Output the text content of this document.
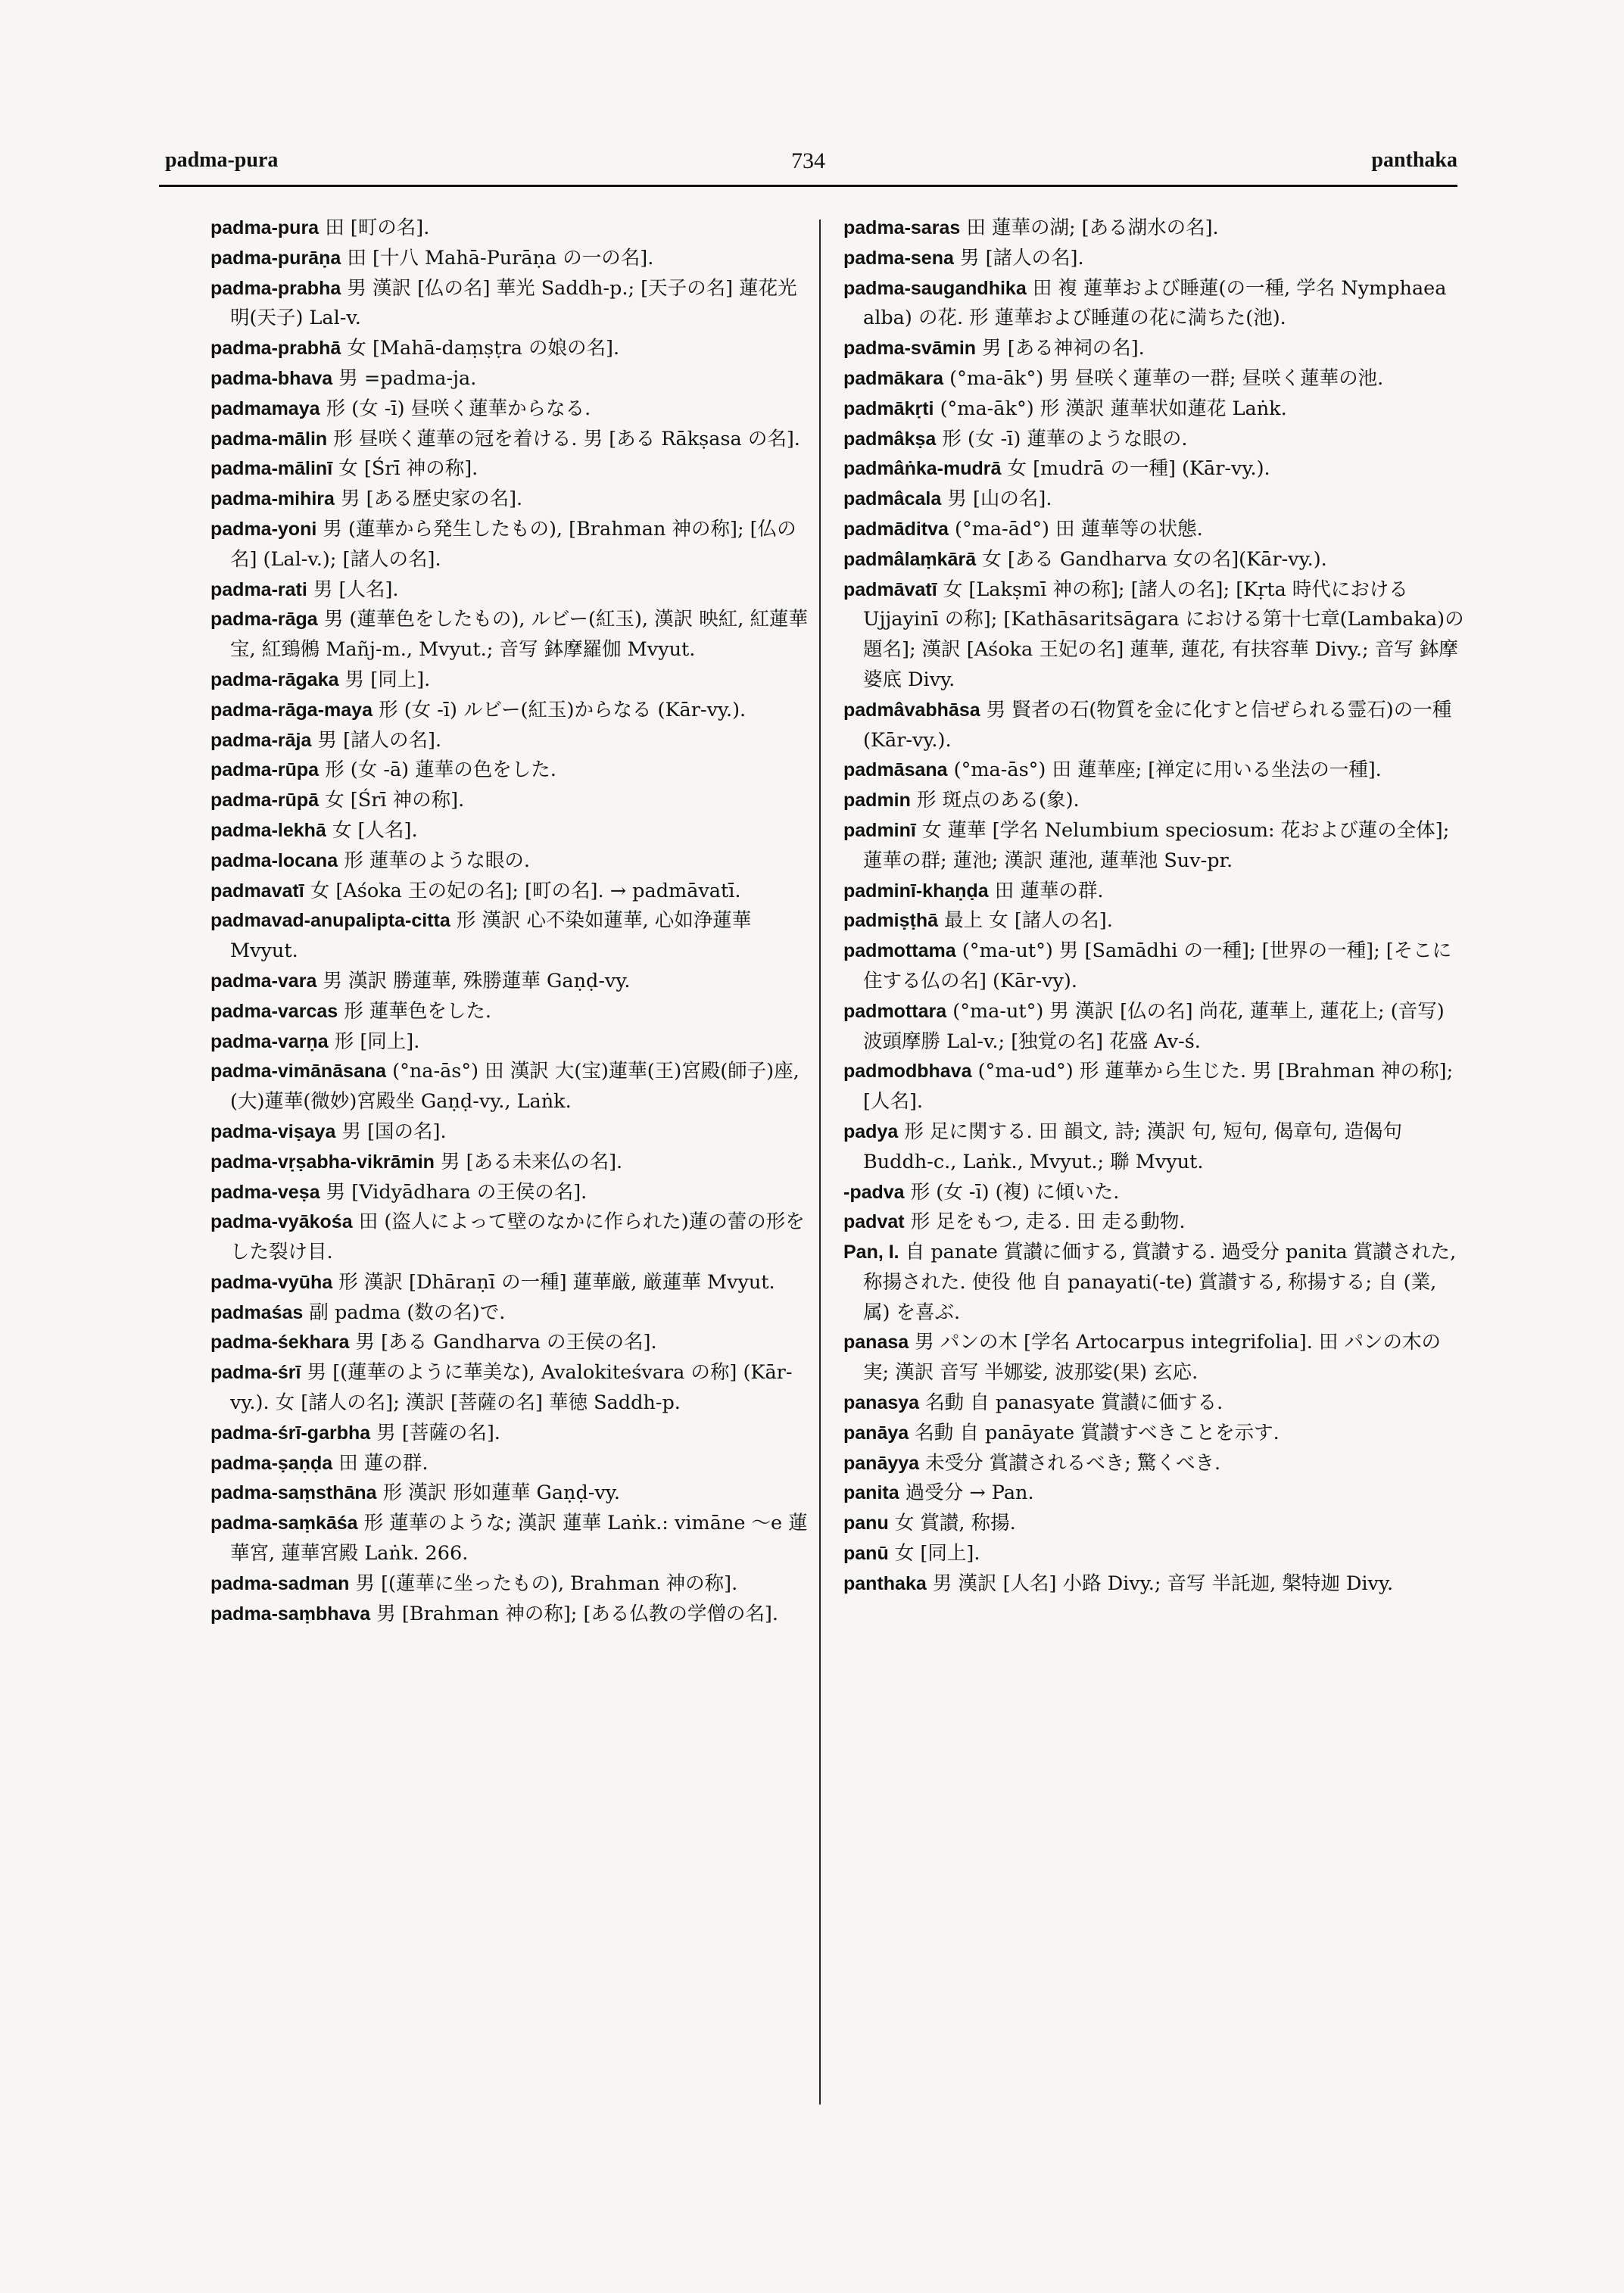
padma-pura	734	panthaka
padma-pura 田 [町の名].
padma-purāṇa 田 [十八 Mahā-Purāṇa の一の名].
padma-prabha 男 漢訳 [仏の名] 華光 Saddh-p.; [天子の名] 蓮花光明(天子) Lal-v.
padma-prabhā 女 [Mahā-daṃṣṭra の娘の名].
padma-bhava 男 =padma-ja.
padmamaya 形 (女 -ī) 昼咲く蓮華からなる.
padma-mālin 形 昼咲く蓮華の冠を着ける. 男 [ある Rākṣasa の名].
padma-mālinī 女 [Śrī 神の称].
padma-mihira 男 [ある歴史家の名].
padma-yoni 男 (蓮華から発生したもの), [Brahman 神の称]; [仏の名] (Lal-v.); [諸人の名].
padma-rati 男 [人名].
padma-rāga 男 (蓮華色をしたもの), ルビー(紅玉), 漢訳 映紅, 紅蓮華宝, 紅鵄鵂 Mañj-m., Mvyut.; 音写 鉢摩羅伽 Mvyut.
padma-rāgaka 男 [同上].
padma-rāga-maya 形 (女 -ī) ルビー(紅玉)からなる (Kār-vy.).
padma-rāja 男 [諸人の名].
padma-rūpa 形 (女 -ā) 蓮華の色をした.
padma-rūpā 女 [Śrī 神の称].
padma-lekhā 女 [人名].
padma-locana 形 蓮華のような眼の.
padmavatī 女 [Aśoka 王の妃の名]; [町の名]. → padmāvatī.
padmavad-anupalipta-citta 形 漢訳 心不染如蓮華, 心如浄蓮華 Mvyut.
padma-vara 男 漢訳 勝蓮華, 殊勝蓮華 Gaṇḍ-vy.
padma-varcas 形 蓮華色をした.
padma-varṇa 形 [同上].
padma-vimānāsana (°na-ās°) 田 漢訳 大(宝)蓮華(王)宮殿(師子)座, (大)蓮華(微妙)宮殿坐 Gaṇḍ-vy., Laṅk.
padma-viṣaya 男 [国の名].
padma-vṛṣabha-vikrāmin 男 [ある未来仏の名].
padma-veṣa 男 [Vidyādhara の王侯の名].
padma-vyākośa 田 (盗人によって壁のなかに作られた)蓮の蕾の形をした裂け目.
padma-vyūha 形 漢訳 [Dhāraṇī の一種] 蓮華厳, 厳蓮華 Mvyut.
padmaśas 副 padma (数の名)で.
padma-śekhara 男 [ある Gandharva の王侯の名].
padma-śrī 男 [(蓮華のように華美な), Avalokiteśvara の称] (Kār-vy.). 女 [諸人の名]; 漢訳 [菩薩の名] 華徳 Saddh-p.
padma-śrī-garbha 男 [菩薩の名].
padma-ṣaṇḍa 田 蓮の群.
padma-saṃsthāna 形 漢訳 形如蓮華 Gaṇḍ-vy.
padma-saṃkāśa 形 蓮華のような; 漢訳 蓮華 Laṅk.: vimāne ～e 蓮華宮, 蓮華宮殿 Laṅk. 266.
padma-sadman 男 [(蓮華に坐ったもの), Brahman 神の称].
padma-saṃbhava 男 [Brahman 神の称]; [ある仏教の学僧の名].
padma-saras 田 蓮華の湖; [ある湖水の名].
padma-sena 男 [諸人の名].
padma-saugandhika 田 複 蓮華および睡蓮(の一種, 学名 Nymphaea alba) の花. 形 蓮華および睡蓮の花に満ちた(池).
padma-svāmin 男 [ある神祠の名].
padmākara (°ma-āk°) 男 昼咲く蓮華の一群; 昼咲く蓮華の池.
padmākṛti (°ma-āk°) 形 漢訳 蓮華状如蓮花 Laṅk.
padmâkṣa 形 (女 -ī) 蓮華のような眼の.
padmâṅka-mudrā 女 [mudrā の一種] (Kār-vy.).
padmâcala 男 [山の名].
padmāditva (°ma-ād°) 田 蓮華等の状態.
padmâlaṃkārā 女 [ある Gandharva 女の名](Kār-vy.).
padmāvatī 女 [Lakṣmī 神の称]; [諸人の名]; [Kṛta 時代における Ujjayinī の称]; [Kathāsaritsāgara における第十七章(Lambaka)の題名]; 漢訳 [Aśoka 王妃の名] 蓮華, 蓮花, 有扶容華 Divy.; 音写 鉢摩婆底 Divy.
padmâvabhāsa 男 賢者の石(物質を金に化すと信ぜられる霊石)の一種 (Kār-vy.).
padmāsana (°ma-ās°) 田 蓮華座; [禅定に用いる坐法の一種].
padmin 形 斑点のある(象).
padminī 女 蓮華 [学名 Nelumbium speciosum: 花および蓮の全体]; 蓮華の群; 蓮池; 漢訳 蓮池, 蓮華池 Suv-pr.
padminī-khaṇḍa 田 蓮華の群.
padmiṣṭhā 最上 女 [諸人の名].
padmottama (°ma-ut°) 男 [Samādhi の一種]; [世界の一種]; [そこに住する仏の名] (Kār-vy).
padmottara (°ma-ut°) 男 漢訳 [仏の名] 尚花, 蓮華上, 蓮花上; (音写) 波頭摩勝 Lal-v.; [独覚の名] 花盛 Av-ś.
padmodbhava (°ma-ud°) 形 蓮華から生じた. 男 [Brahman 神の称]; [人名].
padya 形 足に関する. 田 韻文, 詩; 漢訳 句, 短句, 偈章句, 造偈句 Buddh-c., Laṅk., Mvyut.; 聯 Mvyut.
-padva 形 (女 -ī) (複) に傾いた.
padvat 形 足をもつ, 走る. 田 走る動物.
Pan, I. 自 panate 賞讃に価する, 賞讃する. 過受分 panita 賞讃された, 称揚された. 使役 他 自 panayati(-te) 賞讃する, 称揚する; 自 (業, 属) を喜ぶ.
panasa 男 パンの木 [学名 Artocarpus integrifolia]. 田 パンの木の実; 漢訳 音写 半娜娑, 波那娑(果) 玄応.
panasya 名動 自 panasyate 賞讃に価する.
panāya 名動 自 panāyate 賞讃すべきことを示す.
panāyya 未受分 賞讃されるべき; 驚くべき.
panita 過受分 → Pan.
panu 女 賞讃, 称揚.
panū 女 [同上].
panthaka 男 漢訳 [人名] 小路 Divy.; 音写 半託迦, 槃特迦 Divy.
